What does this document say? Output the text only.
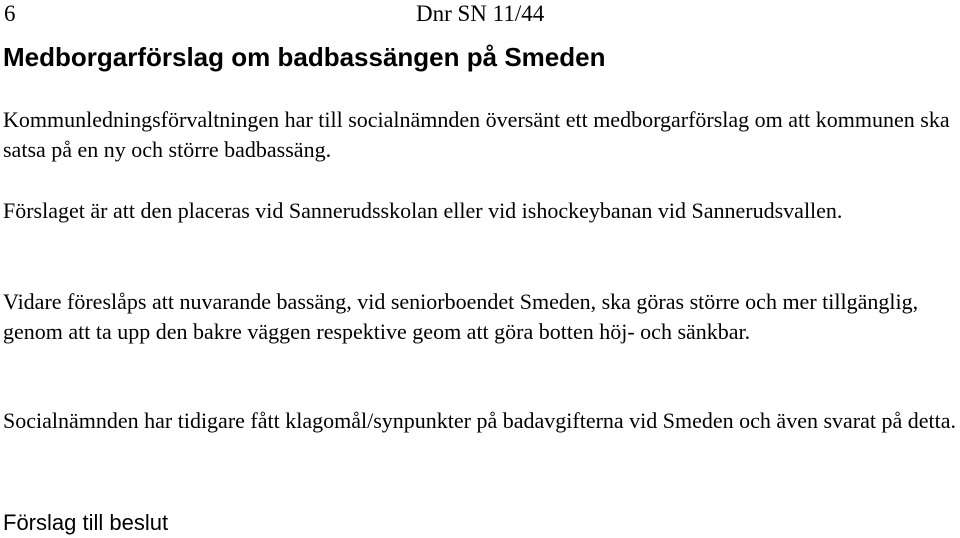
6	Dnr SN 11/44
Medborgarförslag om badbassängen på Smeden

Kommunledningsförvaltningen har till socialnämnden översänt ett medborgarförslag om att kommunen ska satsa på en ny och större badbassäng.

Förslaget är att den placeras vid Sannerudsskolan eller vid ishockeybanan vid Sannerudsvallen.

Vidare föreslåps att nuvarande bassäng, vid seniorboendet Smeden, ska göras större och mer tillgänglig, genom att ta upp den bakre väggen respektive geom att göra botten höj- och sänkbar.

Socialnämnden har tidigare fått klagomål/synpunkter på badavgifterna vid Smeden och även svarat på detta.

Förslag till beslut
